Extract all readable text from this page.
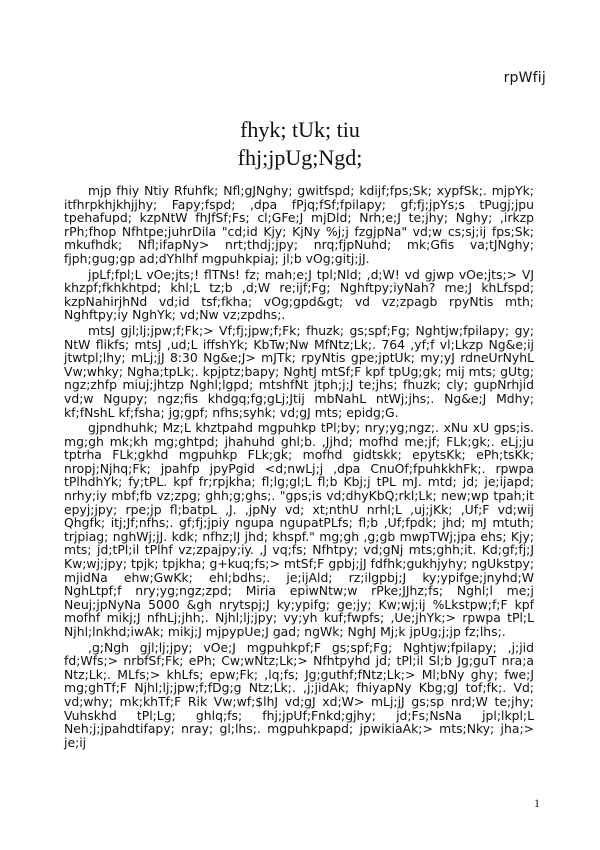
rpWfij
fhyk; tUk; tiu
fhj;jpUg;Ngd;

mjp fhiy Ntiy Rfuhfk; Nfl;gJNghy; gwitfspd; kdijf;fps;Sk; xypfSk;. mjpYk; itfhrpkhjkhjjhy; Fapy;fspd; ,dpa fPjq;fSf;fpilapy; gf;fj;jpYs;s tPugj;jpu tpehafupd; kzpNtW fhJfSf;Fs; cl;GFe;J mjDld; Nrh;e;J te;jhy; Nghy; ,irkzp rPh;fhop Nfhtpe;juhrDila "cd;id Kjy; KjNy %j;j fzgjpNa" vd;w cs;sj;ij fps;Sk; mkufhdk; Nfl;ifapNy> nrt;thdj;jpy; nrq;fjpNuhd; mk;Gfis va;tJNghy; fjph;gug;gp ad;dYhlhf mgpuhkpiaj; jl;b vOg;gitj;jJ.

jpLf;fpl;L vOe;jts;! flTNs! fz; mah;e;J tpl;Nld; ,d;W! vd gjwp vOe;jts;> VJ khzpf;fkhkhtpd; khl;L tz;b ,d;W re;ijf;Fg; Nghftpy;iyNah? me;J khLfspd; kzpNahirjhNd vd;id tsf;fkha; vOg;gpd&gt; vd vz;zpagb rpyNtis mth; Nghftpy;iy NghYk; vd;Nw vz;zpdhs;.

mtsJ gjl;lj;jpw;f;Fk;> Vf;fj;jpw;f;Fk; fhuzk; gs;spf;Fg; Nghtjw;fpilapy; gy; NtW flikfs; mtsJ ,ud;L iffshYk; KbTw;Nw MfNtz;Lk;. 764 ,yf;f vl;Lkzp Ng&e;ij jtwtpl;lhy; mLj;jJ 8:30 Ng&e;J> mJTk; rpyNtis gpe;jptUk; my;yJ rdneUrNyhL Vw;whky; Ngha;tpLk;. kpjptz;bapy; NghtJ mtSf;F kpf tpUg;gk; mij mts; gUtg; ngz;zhfp miuj;jhtzp Nghl;lgpd; mtshfNt jtph;j;J te;jhs; fhuzk; cly; gupNrhjid vd;w Ngupy; ngz;fis khdgq;fg;gLj;Jtij mbNahL ntWj;jhs;. Ng&e;J Mdhy; kf;fNshL kf;fsha; jg;gpf; nfhs;syhk; vd;gJ mts; epidg;G.

gjpndhuhk; Mz;L khztpahd mgpuhkp tPl;by; nry;yg;ngz;. xNu xU gps;is. mg;gh mk;kh mg;ghtpd; jhahuhd ghl;b. ,Jjhd; mofhd me;jf; FLk;gk;. eLj;ju tptrha FLk;gkhd mgpuhkp FLk;gk; mofhd gidtskk; epytsKk; ePh;tsKk; nropj;Njhq;Fk; jpahfp jpyPgid <d;nwLj;j ,dpa CnuOf;fpuhkkhFk;. rpwpa tPlhdhYk; fy;tPL. kpf fr;rpjkha; fl;lg;gl;L fl;b Kbj;j tPL mJ. mtd; jd; je;ijapd; nrhy;iy mbf;fb vz;zpg; ghh;g;ghs;. "gps;is vd;dhyKbQ;rkl;Lk; new;wp tpah;it epyj;jpy; rpe;jp fl;batpL ,J. ,jpNy vd; xt;nthU nrhl;L ,uj;jKk; ,Uf;F vd;wij Qhgfk; itj;Jf;nfhs;. gf;fj;jpiy ngupa ngupatPLfs; fl;b ,Uf;fpdk; jhd; mJ mtuth; trjpiag; nghWj;jJ. kdk; nfhz;lJ jhd; khspf." mg;gh ,g;gb mwpTWj;jpa ehs; Kjy; mts; jd;tPl;il tPlhf vz;zpajpy;iy. ,J vq;fs; Nfhtpy; vd;gNj mts;ghh;it. Kd;gf;fj;J Kw;wj;jpy; tpjk; tpjkha; g+kuq;fs;> mtSf;F gpbj;jJ fdfhk;gukhjyhy; ngUkstpy; mjidNa ehw;GwKk; ehl;bdhs;. je;ijAld; rz;ilgpbj;J ky;ypifge;jnyhd;W NghLtpf;f nry;yg;ngz;zpd; Miria epiwNtw;w rPke;JJhz;fs; Nghl;l me;j Neuj;jpNyNa 5000 &gh nrytspj;J ky;ypifg; ge;jy; Kw;wj;ij %Lkstpw;f;F kpf mofhf mikj;J nfhLj;jhh;. Njhl;lj;jpy; vy;yh kuf;fwpfs; ,Ue;jhYk;> rpwpa tPl;L Njhl;lnkhd;iwAk; mikj;J mjpypUe;J gad; ngWk; NghJ Mj;k jpUg;j;jp fz;lhs;.

,g;Ngh gjl;lj;jpy; vOe;J mgpuhkpf;F gs;spf;Fg; Nghtjw;fpilapy; ,j;jid fd;Wfs;> nrbfSf;Fk; ePh; Cw;wNtz;Lk;> Nfhtpyhd jd; tPl;il Sl;b Jg;guT nra;a Ntz;Lk;. MLfs;> khLfs; epw;Fk; ,lq;fs; Jg;guthf;fNtz;Lk;> Ml;bNy ghy; fwe;J mg;ghTf;F Njhl;lj;jpw;f;fDg;g Ntz;Lk;. ,j;jidAk; fhiyapNy Kbg;gJ tof;fk;. Vd; vd;why; mk;khTf;F Rik Vw;wf;$lhJ vd;gJ xd;W> mLj;jJ gs;sp nrd;W te;jhy; Vuhskhd tPl;Lg; ghlq;fs; fhj;jpUf;Fnkd;gjhy; jd;Fs;NsNa jpl;lkpl;L Neh;j;jpahdtifapy; nray; gl;lhs;. mgpuhkpapd; jpwikiaAk;> mts;Nky; jha;> je;ij

1
